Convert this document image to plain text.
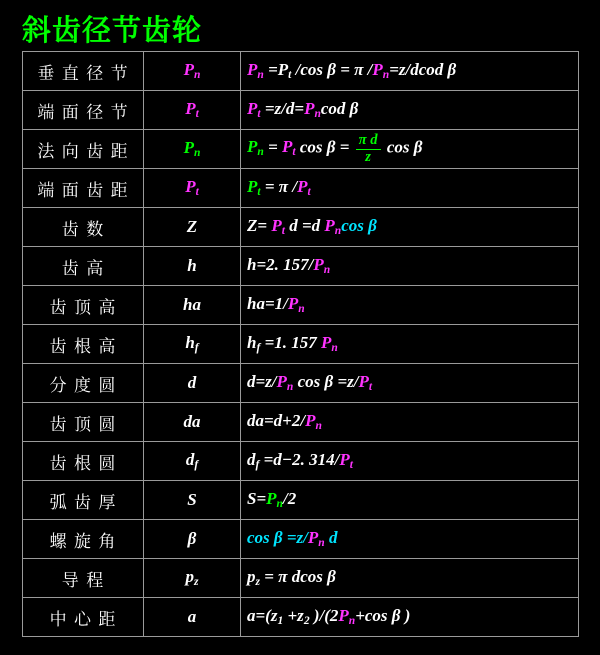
斜齿径节齿轮
垂 直 径 节	$P_n$	$P_n =P_t$ /cos β = π $/P_n=z$/dcod β
端 面 径 节	$P_t$	$P_t =z/d=P_ncod$ β
法 向 齿 距	$P_n$	$P_n = P_t$ $\cos \beta = \frac{\text{π d}}{z}$ cos β
端 面 齿 距	$P_t$	$P_t = \pi$ $/P_t$
齿 数	Z	$Z= P_t$ d =d $P_n\cos$ β
齿 高	h	h=2. $157/P_n$
齿 顶 高	ha	$ha=1/P_n$
齿 根 高	$h_f$	$h_f =1$. 157 $P_n$
分 度 圆	d	$d=z/P_n$ $\cos \beta =z/P_t$
齿 顶 圆	da	$da=d+2/P_n$
齿 根 圆	$d_f$	$d_f =d-2$. $314/P_t$
弧 齿 厚	S	$S=P_n/2$
螺 旋 角	β	$\cos \beta =z/P_n$ d
导 程	$p_z$	$p_z = \pi$ dcos β
中 心 距	a	$a=(z_1 +z_2$ )$/(2P_n+\cos$ β )
